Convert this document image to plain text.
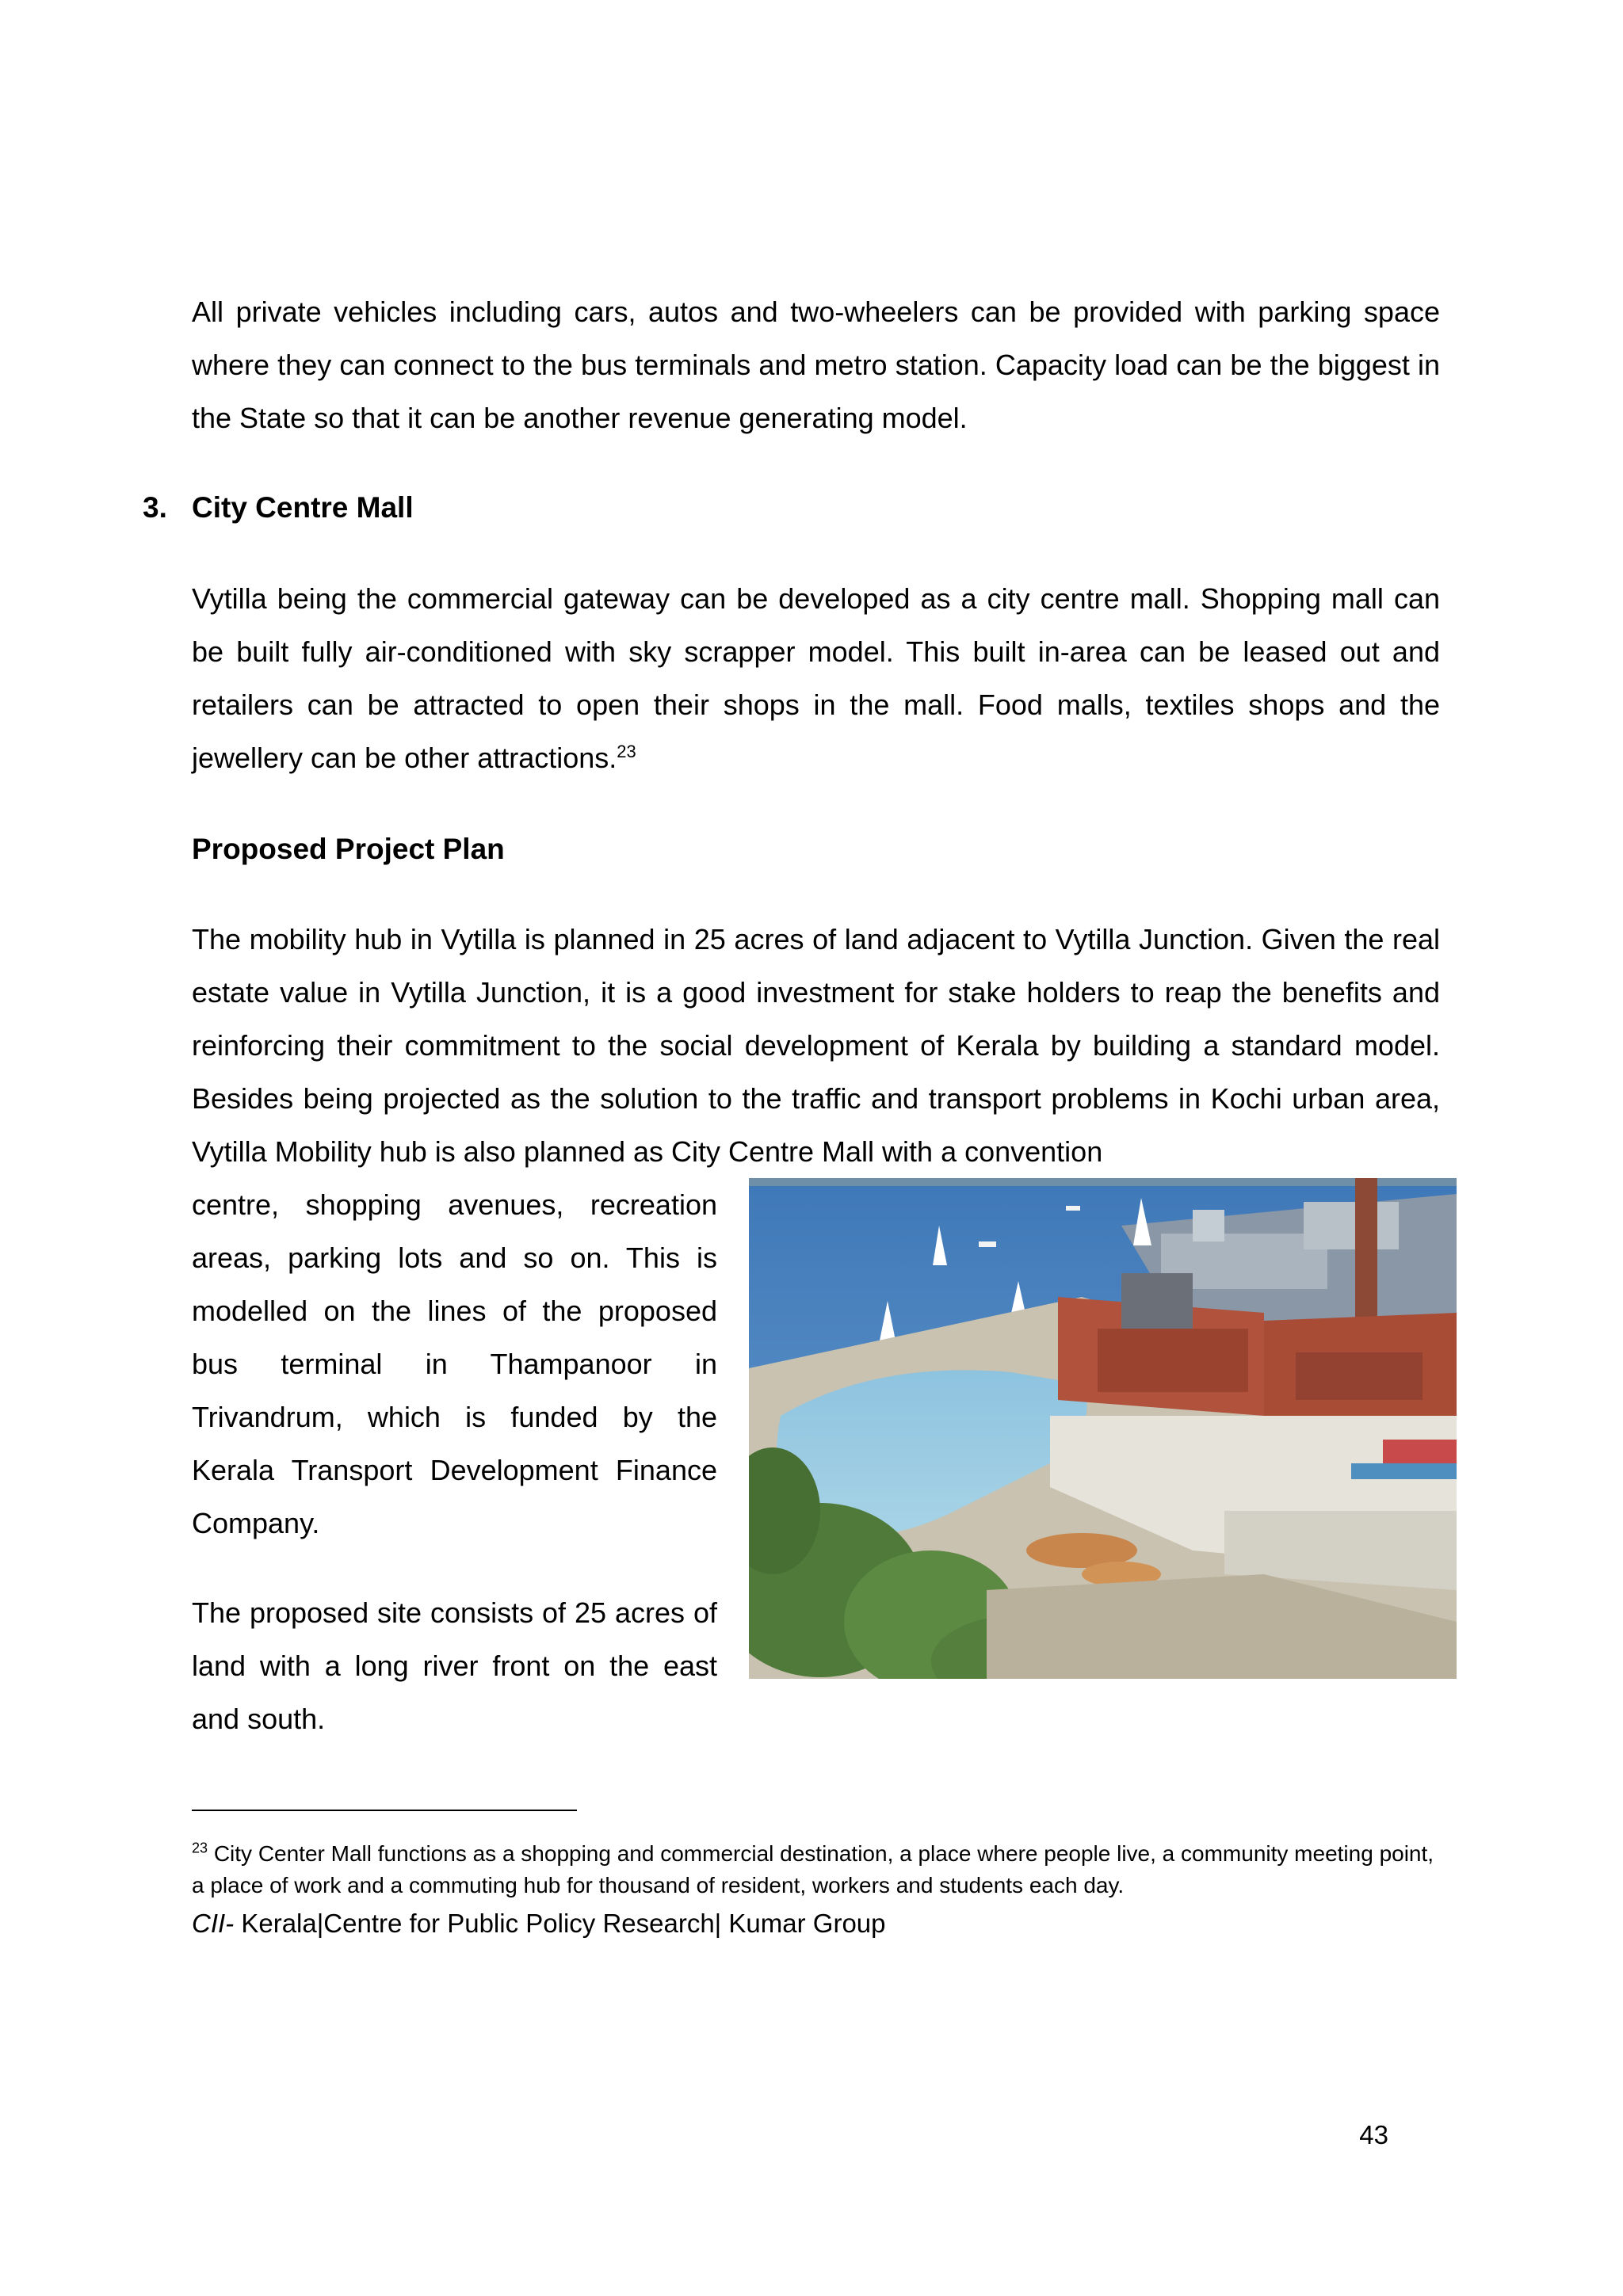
All private vehicles including cars, autos and two-wheelers can be provided with parking space where they can connect to the bus terminals and metro station. Capacity load can be the biggest in the State so that it can be another revenue generating model.

3. City Centre Mall

Vytilla being the commercial gateway can be developed as a city centre mall. Shopping mall can be built fully air-conditioned with sky scrapper model. This built in-area can be leased out and retailers can be attracted to open their shops in the mall. Food malls, textiles shops and the jewellery can be other attractions.$^{23}$

Proposed Project Plan

The mobility hub in Vytilla is planned in 25 acres of land adjacent to Vytilla Junction. Given the real estate value in Vytilla Junction, it is a good investment for stake holders to reap the benefits and reinforcing their commitment to the social development of Kerala by building a standard model. Besides being projected as the solution to the traffic and transport problems in Kochi urban area, Vytilla Mobility hub is also planned as City Centre Mall with a convention

centre, shopping avenues, recreation areas, parking lots and so on. This is modelled on the lines of the proposed bus terminal in Thampanoor in Trivandrum, which is funded by the Kerala Transport Development Finance Company.

The proposed site consists of 25 acres of land with a long river front on the east and south.

$^{23}$ City Center Mall functions as a shopping and commercial destination, a place where people live, a community meeting point, a place of work and a commuting hub for thousand of resident, workers and students each day.

CII- Kerala|Centre for Public Policy Research| Kumar Group

43
